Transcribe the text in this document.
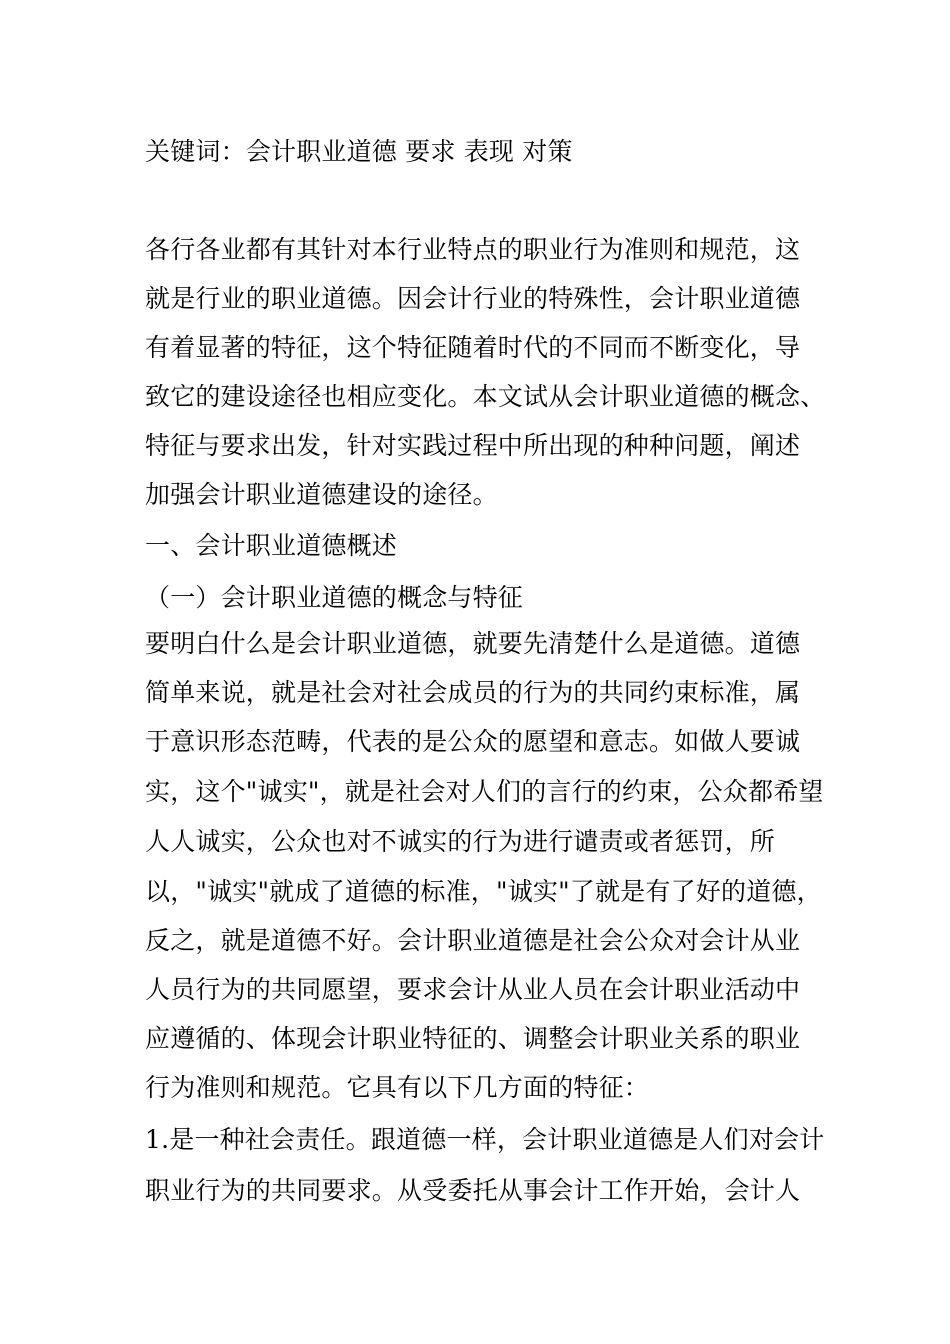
关键词：会计职业道德 要求 表现 对策
各行各业都有其针对本行业特点的职业行为准则和规范，这
就是行业的职业道德。因会计行业的特殊性，会计职业道德
有着显著的特征，这个特征随着时代的不同而不断变化，导
致它的建设途径也相应变化。本文试从会计职业道德的概念、
特征与要求出发，针对实践过程中所出现的种种问题，阐述
加强会计职业道德建设的途径。
一、会计职业道德概述
（一）会计职业道德的概念与特征
要明白什么是会计职业道德，就要先清楚什么是道德。道德
简单来说，就是社会对社会成员的行为的共同约束标准，属
于意识形态范畴，代表的是公众的愿望和意志。如做人要诚
实，这个"诚实"，就是社会对人们的言行的约束，公众都希望
人人诚实，公众也对不诚实的行为进行谴责或者惩罚，所
以，"诚实"就成了道德的标准，"诚实"了就是有了好的道德，
反之，就是道德不好。会计职业道德是社会公众对会计从业
人员行为的共同愿望，要求会计从业人员在会计职业活动中
应遵循的、体现会计职业特征的、调整会计职业关系的职业
行为准则和规范。它具有以下几方面的特征：
1.是一种社会责任。跟道德一样，会计职业道德是人们对会计
职业行为的共同要求。从受委托从事会计工作开始，会计人
